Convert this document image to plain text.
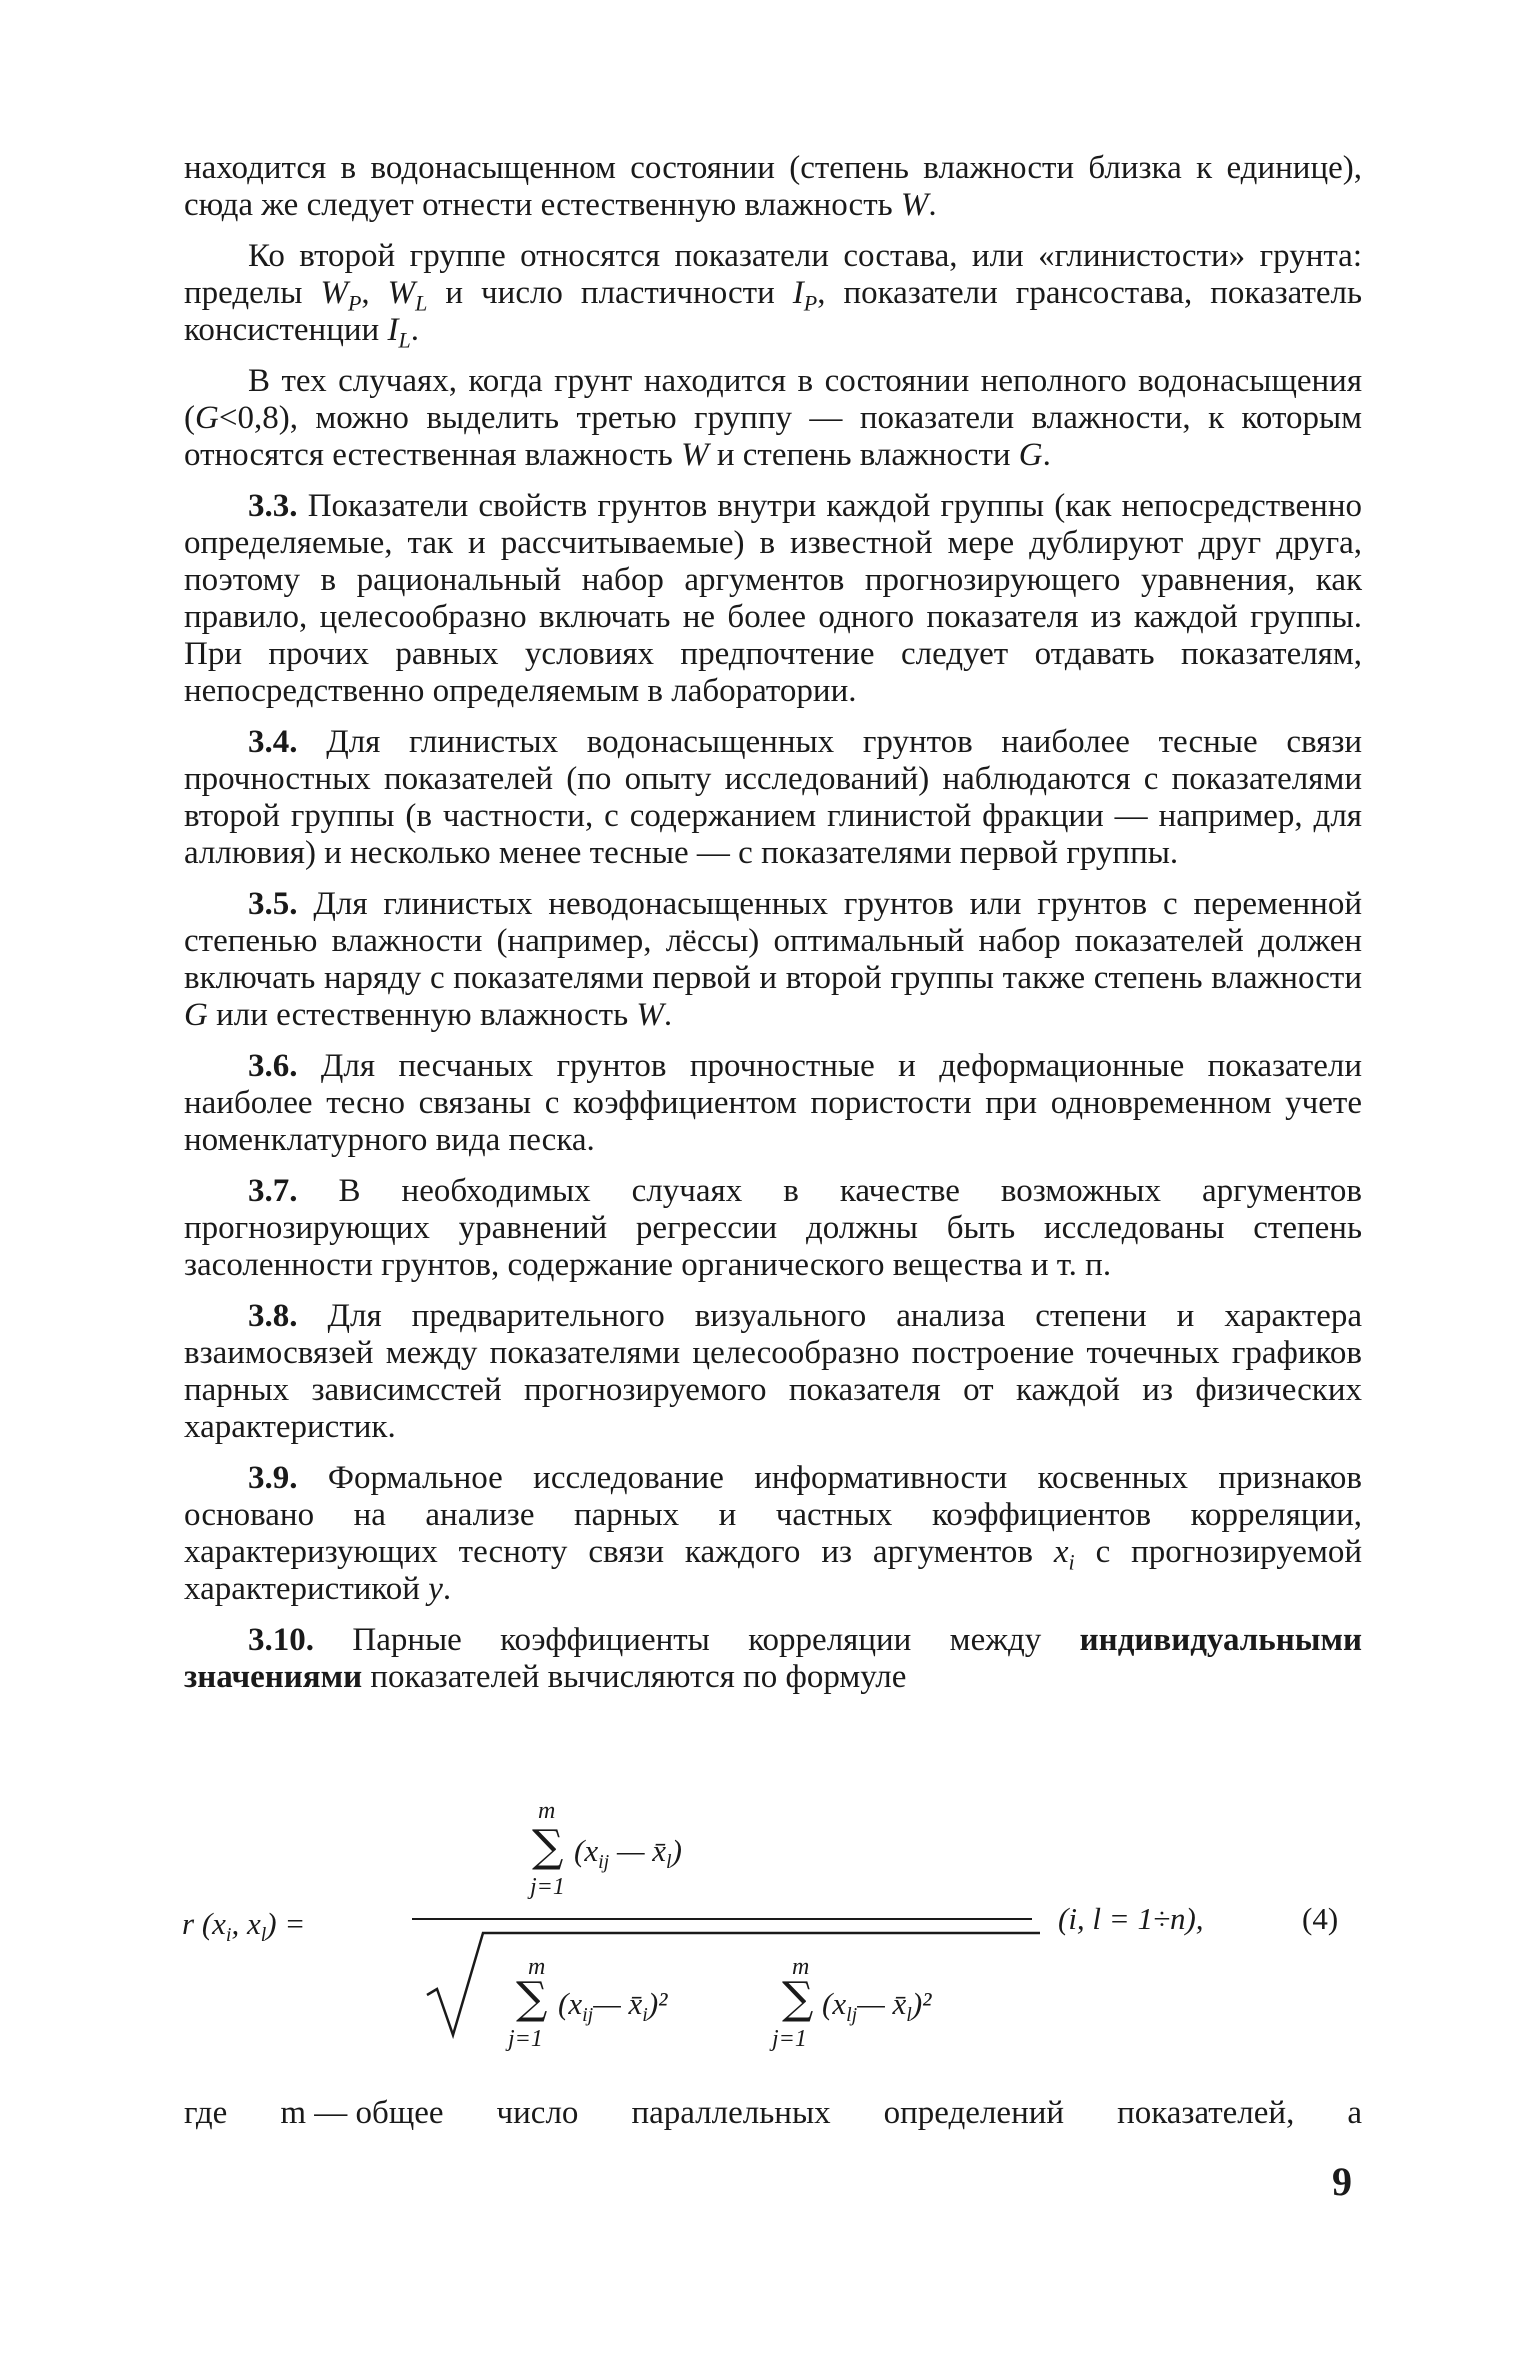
находится в водонасыщенном состоянии (степень влажности близка к единице), сюда же следует отнести естественную влажность W.

Ко второй группе относятся показатели состава, или «глинистости» грунта: пределы $W_P$, $W_L$ и число пластичности $I_P$, показатели грансостава, показатель консистенции $I_L$.

В тех случаях, когда грунт находится в состоянии неполного водонасыщения (G<0,8), можно выделить третью группу — показатели влажности, к которым относятся естественная влажность W и степень влажности G.

3.3. Показатели свойств грунтов внутри каждой группы (как непосредственно определяемые, так и рассчитываемые) в известной мере дублируют друг друга, поэтому в рациональный набор аргументов прогнозирующего уравнения, как правило, целесообразно включать не более одного показателя из каждой группы. При прочих равных условиях предпочтение следует отдавать показателям, непосредственно определяемым в лаборатории.

3.4. Для глинистых водонасыщенных грунтов наиболее тесные связи прочностных показателей (по опыту исследований) наблюдаются с показателями второй группы (в частности, с содержанием глинистой фракции — например, для аллювия) и несколько менее тесные — с показателями первой группы.

3.5. Для глинистых неводонасыщенных грунтов или грунтов с переменной степенью влажности (например, лёссы) оптимальный набор показателей должен включать наряду с показателями первой и второй группы также степень влажности G или естественную влажность W.

3.6. Для песчаных грунтов прочностные и деформационные показатели наиболее тесно связаны с коэффициентом пористости при одновременном учете номенклатурного вида песка.

3.7. В необходимых случаях в качестве возможных аргументов прогнозирующих уравнений регрессии должны быть исследованы степень засоленности грунтов, содержание органического вещества и т. п.

3.8. Для предварительного визуального анализа степени и характера взаимосвязей между показателями целесообразно построение точечных графиков парных зависимсстей прогнозируемого показателя от каждой из физических характеристик.

3.9. Формальное исследование информативности косвенных признаков основано на анализе парных и частных коэффициентов корреляции, характеризующих тесноту связи каждого из аргументов $x_i$ с прогнозируемой характеристикой y.

3.10. Парные коэффициенты корреляции между индивидуальными значениями показателей вычисляются по формуле

r ($x_i$, $x_l$) =
m
∑
j=1
($x_{ij}$ — $x̄_l$)
m
∑
j=1
($x_{ij}—$ $x̄_i)^2$
m
∑
j=1
($x_{lj}—$ $x̄_l)^2$
(i, l = 1÷n),	(4)
где m — общее число параллельных определений показателей, а
9
